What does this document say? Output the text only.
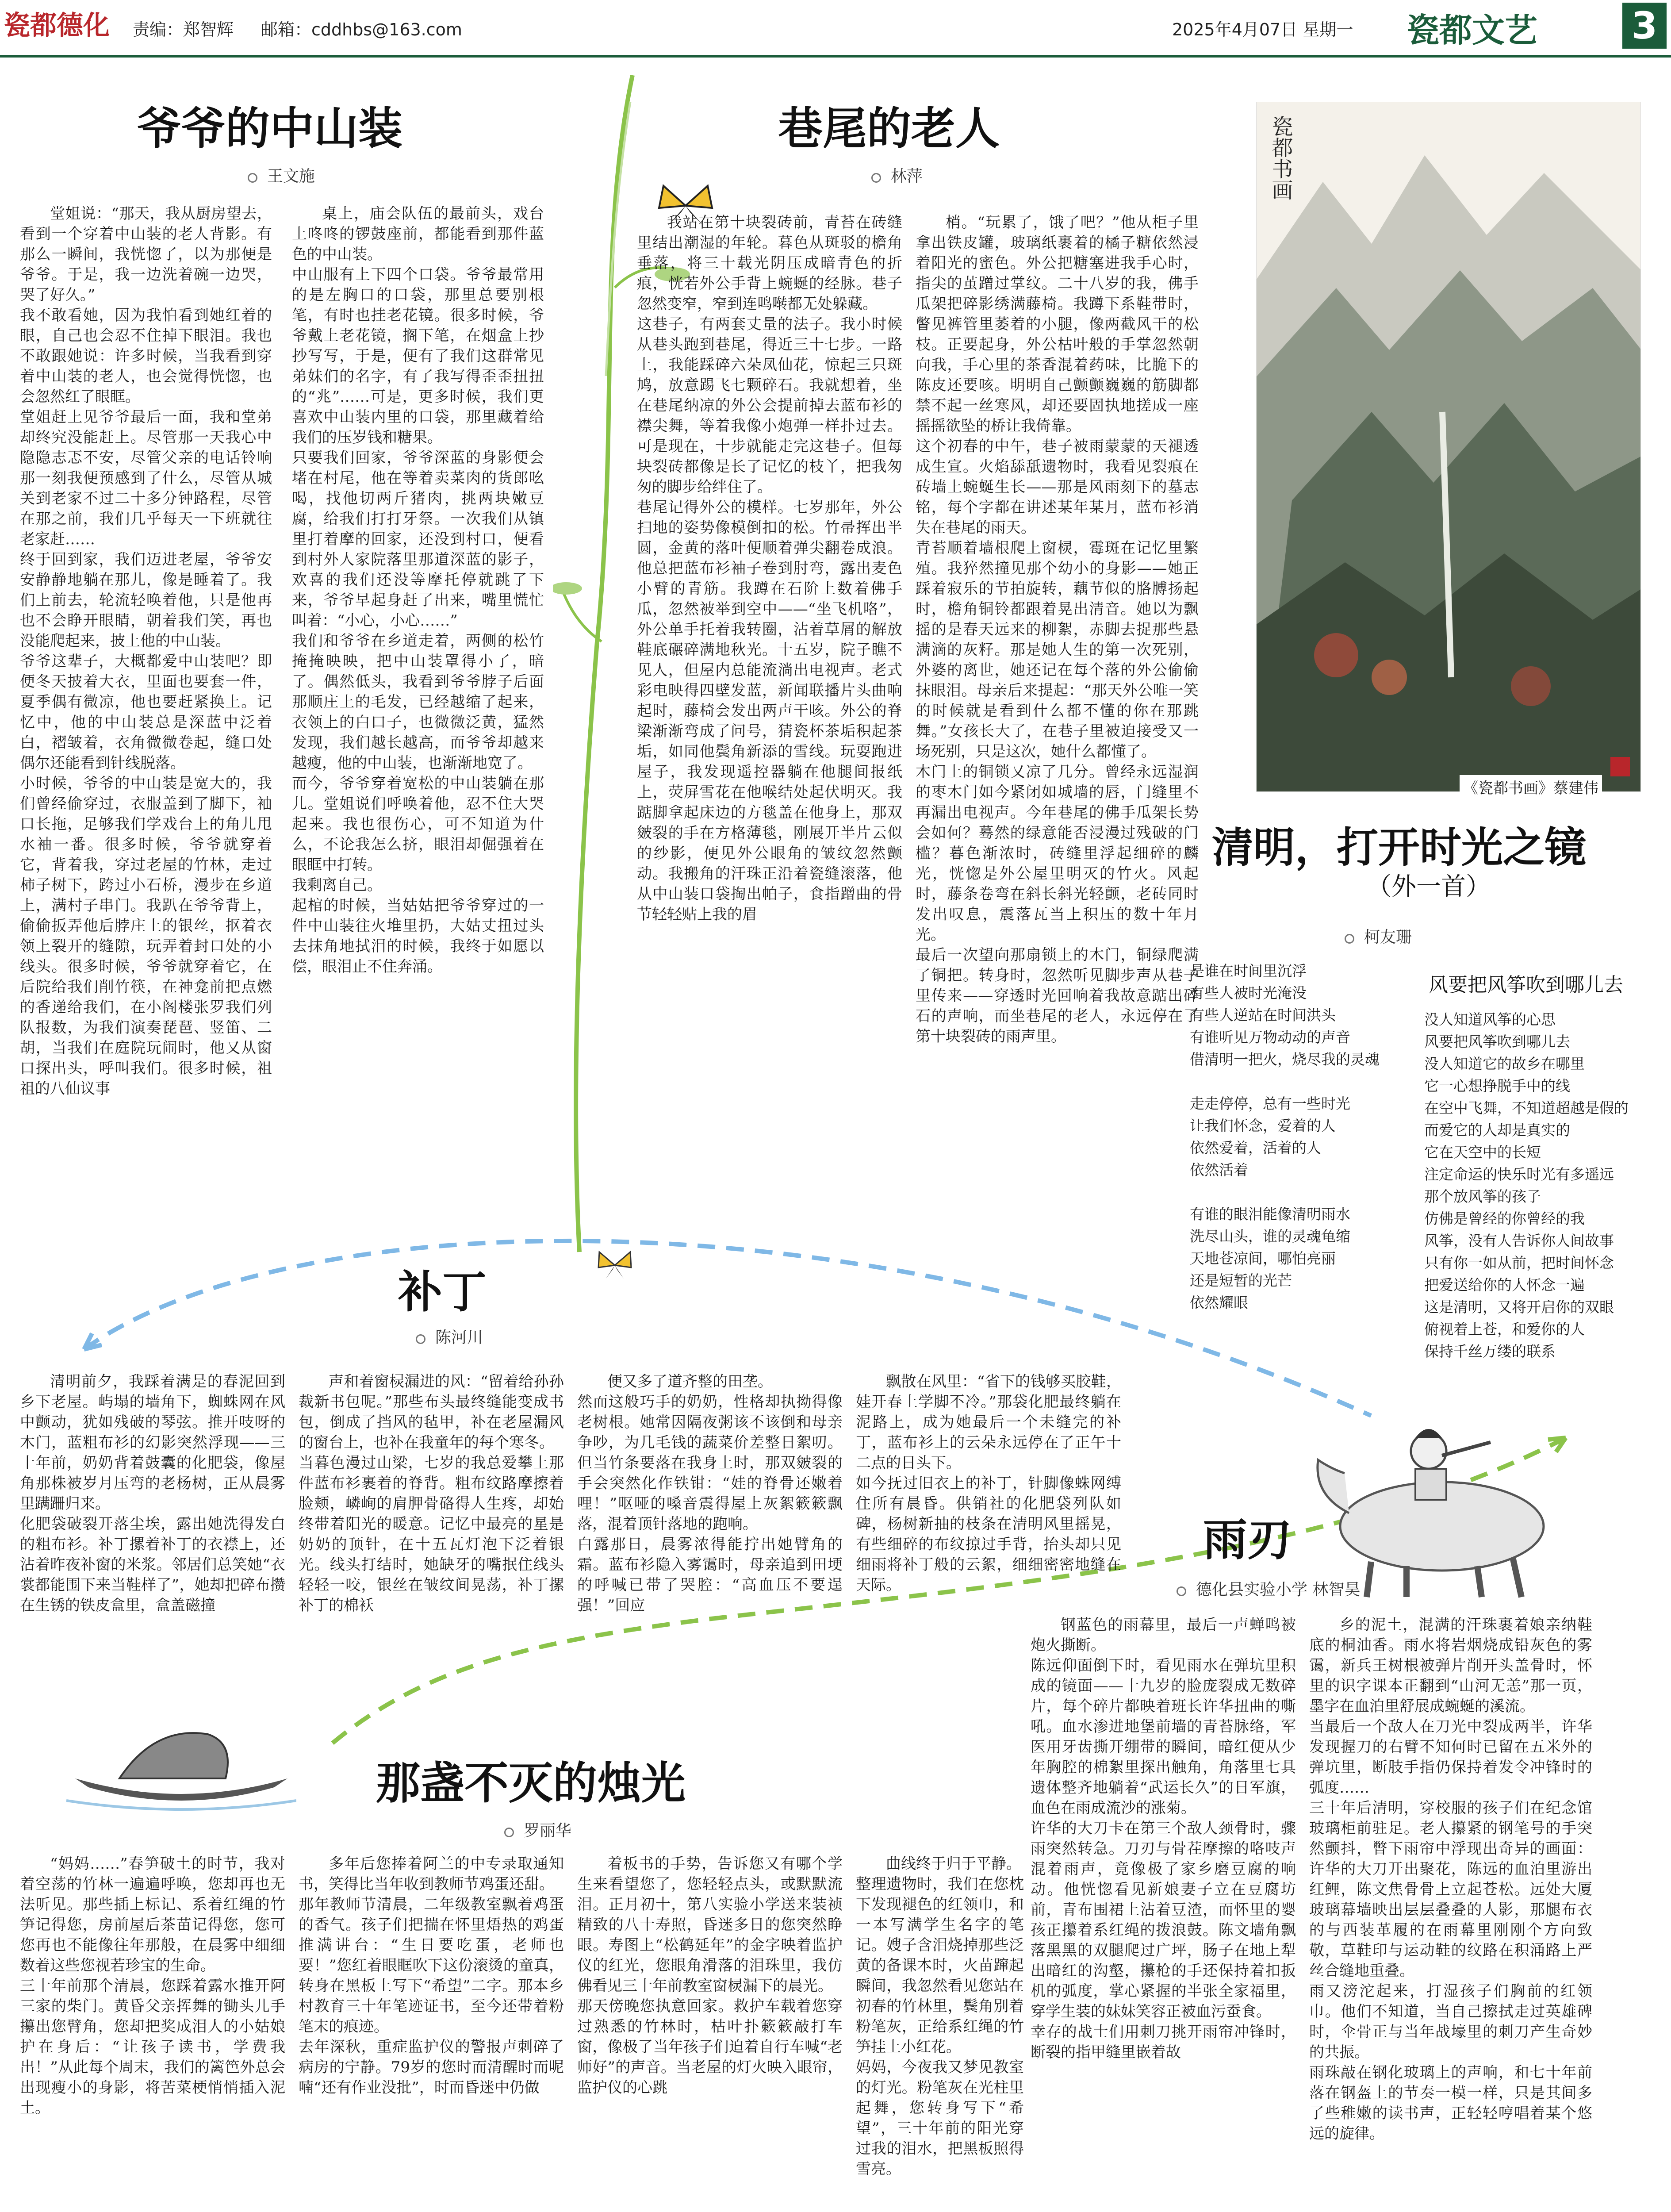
瓷都德化 责编：郑智辉 邮箱：cddhbs@163.com	2025年4月07日 星期一 瓷都文艺	3
爷爷的中山装
王文施
堂姐说：“那天，我从厨房望去，看到一个穿着中山装的老人背影。有那么一瞬间，我恍惚了，以为那便是爷爷。于是，我一边洗着碗一边哭，哭了好久。”
我不敢看她，因为我怕看到她红着的眼，自己也会忍不住掉下眼泪。我也不敢跟她说：许多时候，当我看到穿着中山装的老人，也会觉得恍惚，也会忽然红了眼眶。
堂姐赶上见爷爷最后一面，我和堂弟却终究没能赶上。尽管那一天我心中隐隐志忑不安，尽管父亲的电话铃响那一刻我便预感到了什么，尽管从城关到老家不过二十多分钟路程，尽管在那之前，我们几乎每天一下班就往老家赶……
终于回到家，我们迈进老屋，爷爷安安静静地躺在那儿，像是睡着了。我们上前去，轮流轻唤着他，只是他再也不会睁开眼睛，朝着我们笑，再也没能爬起来，披上他的中山装。
爷爷这辈子，大概都爱中山装吧？即便冬天披着大衣，里面也要套一件，夏季偶有微凉，他也要赶紧换上。记忆中，他的中山装总是深蓝中泛着白，褶皱着，衣角微微卷起，缝口处偶尔还能看到针线脱落。
小时候，爷爷的中山装是宽大的，我们曾经偷穿过，衣服盖到了脚下，袖口长拖，足够我们学戏台上的角儿甩水袖一番。很多时候，爷爷就穿着它，背着我，穿过老屋的竹林，走过柿子树下，跨过小石桥，漫步在乡道上，满村子串门。我趴在爷爷背上，偷偷扳弄他后脖庄上的银丝，抠着衣领上裂开的缝隙，玩弄着封口处的小线头。很多时候，爷爷就穿着它，在后院给我们削竹筷，在神龛前把点燃的香递给我们，在小阁楼张罗我们列队报数，为我们演奏琵琶、竖笛、二胡，当我们在庭院玩闹时，他又从窗口探出头，呼叫我们。很多时候，祖祖的八仙议事
桌上，庙会队伍的最前头，戏台上咚咚的锣鼓座前，都能看到那件蓝色的中山装。
中山服有上下四个口袋。爷爷最常用的是左胸口的口袋，那里总要别根笔，有时也挂老花镜。很多时候，爷爷戴上老花镜，搁下笔，在烟盒上抄抄写写，于是，便有了我们这群常见弟妹们的名字，有了我写得歪歪扭扭的“兆”……可是，更多时候，我们更喜欢中山装内里的口袋，那里藏着给我们的压岁钱和糖果。
只要我们回家，爷爷深蓝的身影便会堵在村尾，他在等着卖菜肉的货郎吆喝，找他切两斤猪肉，挑两块嫩豆腐，给我们打打牙祭。一次我们从镇里打着摩的回家，还没到村口，便看到村外人家院落里那道深蓝的影子，欢喜的我们还没等摩托停就跳了下来，爷爷早起身赶了出来，嘴里慌忙叫着：“小心，小心……”
我们和爷爷在乡道走着，两侧的松竹掩掩映映，把中山装罩得小了，暗了。偶然低头，我看到爷爷脖子后面那顺庄上的毛发，已经越缩了起来，衣领上的白口子，也微微泛黄，猛然发现，我们越长越高，而爷爷却越来越瘦，他的中山装，也渐渐地宽了。
而今，爷爷穿着宽松的中山装躺在那儿。堂姐说们呼唤着他，忍不住大哭起来。我也很伤心，可不知道为什么，不论我怎么挤，眼泪却倔强着在眼眶中打转。
我剩离自己。
起棺的时候，当姑姑把爷爷穿过的一件中山装往火堆里扔，大姑丈扭过头去抹角地拭泪的时候，我终于如愿以偿，眼泪止不住奔涌。
巷尾的老人
林萍
我站在第十块裂砖前，青苔在砖缝里结出潮湿的年轮。暮色从斑驳的檐角垂落，将三十载光阴压成暗青色的折痕，恍若外公手背上蜿蜒的经脉。巷子忽然变窄，窄到连鸣啭都无处躲藏。
这巷子，有两套丈量的法子。我小时候从巷头跑到巷尾，得近三十七步。一路上，我能踩碎六朵凤仙花，惊起三只斑鸠，放意踢飞七颗碎石。我就想着，坐在巷尾纳凉的外公会提前掉去蓝布衫的襟尖舞，等着我像小炮弹一样扑过去。可是现在，十步就能走完这巷子。但每块裂砖都像是长了记忆的枝丫，把我匆匆的脚步给绊住了。
巷尾记得外公的模样。七岁那年，外公扫地的姿势像模倒扣的松。竹帚挥出半圆，金黄的落叶便顺着弹尖翻卷成浪。他总把蓝布衫袖子卷到肘弯，露出麦色小臂的青筋。我蹲在石阶上数着佛手瓜，忽然被举到空中——“坐飞机咯”，外公单手托着我转圈，沾着草屑的解放鞋底碾碎满地秋光。十五岁，院子瞧不见人，但屋内总能流淌出电视声。老式彩电映得四壁发蓝，新闻联播片头曲响起时，藤椅会发出两声干咳。外公的脊梁渐渐弯成了问号，猜瓷杯茶垢积起茶垢，如同他鬓角新添的雪线。玩耍跑进屋子，我发现遥控器躺在他腿间报纸上，荧屏雪花在他喉结处起伏明灭。我踮脚拿起床边的方毯盖在他身上，那双皴裂的手在方格薄毯，刚展开半片云似的纱影，便见外公眼角的皱纹忽然颤动。我搬角的汗珠正沿着瓷缝滚落，他从中山装口袋掏出帕子，食指蹭曲的骨节轻轻贴上我的眉
梢。“玩累了，饿了吧？”他从柜子里拿出铁皮罐，玻璃纸裹着的橘子糖依然浸着阳光的蜜色。外公把糖塞进我手心时，指尖的茧蹭过掌纹。二十八岁的我，佛手瓜架把碎影绣满藤椅。我蹲下系鞋带时，瞥见裤管里萎着的小腿，像两截风干的松枝。正要起身，外公枯叶般的手掌忽然朝向我，手心里的茶香混着药味，比脆下的陈皮还要咳。明明自己颤颤巍巍的筋脚都禁不起一丝寒风，却还要固执地搓成一座摇摇欲坠的桥让我倚靠。
这个初春的中午，巷子被雨蒙蒙的天褪透成生宣。火焰舔舐遗物时，我看见裂痕在砖墙上蜿蜒生长——那是风雨刻下的墓志铭，每个字都在讲述某年某月，蓝布衫消失在巷尾的雨天。
青苔顺着墙根爬上窗棂，霉斑在记忆里繁殖。我猝然撞见那个幼小的身影——她正踩着寂乐的节拍旋转，藕节似的胳膊扬起时，檐角铜铃都跟着晃出清音。她以为飘摇的是春天远来的柳絮，赤脚去捉那些悬满滴的灰籽。那是她人生的第一次死别，外婆的离世，她还记在每个落的外公偷偷抹眼泪。母亲后来提起：“那天外公唯一笑的时候就是看到什么都不懂的你在那跳舞。”女孩长大了，在巷子里被迫接受又一场死别，只是这次，她什么都懂了。
木门上的铜锁又凉了几分。曾经永远湿润的枣木门如今紧闭如城墙的唇，门缝里不再漏出电视声。今年巷尾的佛手瓜架长势会如何？蓦然的绿意能否浸漫过残破的门槛？暮色渐浓时，砖缝里浮起细碎的麟光，恍惚是外公屋里明灭的竹火。风起时，藤条卷弯在斜长斜光轻颤，老砖同时发出叹息，震落瓦当上积压的数十年月光。
最后一次望向那扇锁上的木门，铜绿爬满了铜把。转身时，忽然听见脚步声从巷子里传来——穿透时光回响着我故意踮出碎石的声响，而坐巷尾的老人，永远停在了第十块裂砖的雨声里。
瓷都书画
《瓷都书画》蔡建伟
清明，打开时光之镜
（外一首）
柯友珊
是谁在时间里沉浮
有些人被时光淹没
有些人逆站在时间洪头
有谁听见万物动动的声音
借清明一把火，烧尽我的灵魂
走走停停，总有一些时光
让我们怀念，爱着的人
依然爱着，活着的人
依然活着
有谁的眼泪能像清明雨水
洗尽山头，谁的灵魂龟缩
天地苍凉间，哪怕亮丽
还是短暂的光芒
依然耀眼
风要把风筝吹到哪儿去
没人知道风筝的心思
风要把风筝吹到哪儿去
没人知道它的故乡在哪里
它一心想挣脱手中的线
在空中飞舞，不知道超越是假的
而爱它的人却是真实的
它在天空中的长短
注定命运的快乐时光有多遥远
那个放风筝的孩子
仿佛是曾经的你曾经的我
风筝，没有人告诉你人间故事
只有你一如从前，把时间怀念
把爱送给你的人怀念一遍
这是清明，又将开启你的双眼
俯视着上苍，和爱你的人
保持千丝万缕的联系
补丁
陈河川
清明前夕，我踩着满是的春泥回到乡下老屋。屿塌的墙角下，蜘蛛网在风中颤动，犹如残破的琴弦。推开吱呀的木门，蓝粗布衫的幻影突然浮现——三十年前，奶奶背着鼓囊的化肥袋，像屋角那株被岁月压弯的老杨树，正从晨雾里蹒跚归来。
化肥袋破裂开落尘埃，露出她洗得发白的粗布衫。补丁摞着补丁的衣襟上，还沾着昨夜补窗的米浆。邻居们总笑她“衣裳都能围下来当鞋样了”，她却把碎布攒在生锈的铁皮盒里，盒盖磁撞
声和着窗棂漏进的风：“留着给孙孙裁新书包呢。”那些布头最终缝能变成书包，倒成了挡风的毡甲，补在老屋漏风的窗台上，也补在我童年的每个寒冬。
当暮色漫过山梁，七岁的我总爱攀上那件蓝布衫裹着的脊背。粗布纹路摩擦着脸颊，嶙峋的肩胛骨硌得人生疼，却始终带着阳光的暖意。记忆中最亮的星是奶奶的顶针，在十五瓦灯泡下泛着银光。线头打结时，她缺牙的嘴抿住线头轻轻一咬，银丝在皱纹间晃荡，补丁摞补丁的棉袄
便又多了道齐整的田垄。
然而这般巧手的奶奶，性格却执拗得像老树根。她常因隔夜粥该不该倒和母亲争吵，为几毛钱的蔬菜价差整日絮叨。但当竹条要落在我身上时，那双皴裂的手会突然化作铁钳：“娃的脊骨还嫩着哩！”呕哑的嗓音震得屋上灰絮簌簌飘落，混着顶针落地的跑响。
白露那日，晨雾浓得能拧出她臂角的霜。蓝布衫隐入雾霭时，母亲追到田埂的呼喊已带了哭腔：“高血压不要逞强！”回应
飘散在风里：“省下的钱够买胶鞋，娃开春上学脚不冷。”那袋化肥最终躺在泥路上，成为她最后一个未缝完的补丁，蓝布衫上的云朵永远停在了正午十二点的日头下。
如今抚过旧衣上的补丁，针脚像蛛网缚住所有晨昏。供销社的化肥袋列队如碑，杨树新抽的枝条在清明风里摇晃，有些细碎的布纹掠过手背，抬头却只见细雨将补丁般的云絮，细细密密地缝在天际。
雨刃
德化县实验小学 林智昊
钢蓝色的雨幕里，最后一声蝉鸣被炮火撕断。
陈远仰面倒下时，看见雨水在弹坑里积成的镜面——十九岁的脸庞裂成无数碎片，每个碎片都映着班长许华扭曲的嘶吼。血水渗进地堡前墙的青苔脉络，军医用牙齿撕开绷带的瞬间，暗红便从少年胸腔的棉絮里探出触角，角落里七具遗体整齐地躺着“武运长久”的日军旗，血色在雨成流沙的涨菊。
许华的大刀卡在第三个敌人颈骨时，骤雨突然转急。刀刃与骨茬摩擦的咯吱声混着雨声，竟像极了家乡磨豆腐的响动。他恍惚看见新娘妻子立在豆腐坊前，青布围裙上沾着豆渣，而怀里的婴孩正攥着系红绳的拨浪鼓。陈文墙角飘落黑黑的双腿爬过广坪，肠子在地上犁出暗红的沟壑，攥枪的手还保持着扣扳机的弧度，掌心紧握的半张全家福里，穿学生装的妹妹笑容正被血污蚕食。
幸存的战士们用刺刀挑开雨帘冲锋时，断裂的指甲缝里嵌着故
乡的泥土，混满的汗珠裹着娘亲纳鞋底的桐油香。雨水将岩烟烧成铅灰色的雾霭，新兵王树根被弹片削开头盖骨时，怀里的识字课本正翻到“山河无恙”那一页，墨字在血泊里舒展成蜿蜒的溪流。
当最后一个敌人在刀光中裂成两半，许华发现握刀的右臂不知何时已留在五米外的弹坑里，断肢手指仍保持着发令冲锋时的弧度……
三十年后清明，穿校服的孩子们在纪念馆玻璃柜前驻足。老人攥紧的钢笔号的手突然颤抖，瞥下雨帘中浮现出奇异的画面：许华的大刀开出聚花，陈远的血泊里游出红鲤，陈文焦骨骨上立起苍松。远处大厦玻璃幕墙映出层层叠叠的人影，那腿布衣的与西装革履的在雨幕里刚刚个方向致敬，草鞋印与运动鞋的纹路在积涌路上严丝合缝地重叠。
雨又滂沱起来，打湿孩子们胸前的红领巾。他们不知道，当自己擦拭走过英雄碑时，伞骨正与当年战壕里的刺刀产生奇妙的共振。
雨珠敲在钢化玻璃上的声响，和七十年前落在钢盔上的节奏一模一样，只是其间多了些稚嫩的读书声，正轻轻哼唱着某个悠远的旋律。
那盏不灭的烛光
罗丽华
“妈妈……”春笋破土的时节，我对着空荡的竹林一遍遍呼唤，您却再也无法听见。那些插上标记、系着红绳的竹笋记得您，房前屋后茶苗记得您，您可您再也不能像往年那般，在晨雾中细细数着这些您视若珍宝的生命。
三十年前那个清晨，您踩着露水推开阿三家的柴门。黄昏父亲挥舞的锄头儿手攥出您臂角，您却把奖成泪人的小姑娘护在身后：“让孩子读书，学费我出！”从此每个周末，我们的篱笆外总会出现瘦小的身影，将苦菜梗悄悄插入泥土。
多年后您捧着阿兰的中专录取通知书，笑得比当年收到教师节鸡蛋还甜。
那年教师节清晨，二年级教室飘着鸡蛋的香气。孩子们把揣在怀里焐热的鸡蛋推满讲台：“生日要吃蛋，老师也要！”您红着眼眶吹下这份滚烫的童真，转身在黑板上写下“希望”二字。那本乡村教育三十年笔迹证书，至今还带着粉笔末的痕迹。
去年深秋，重症监护仪的警报声刺碎了病房的宁静。79岁的您时而清醒时而呢喃“还有作业没批”，时而昏迷中仍做
着板书的手势，告诉您又有哪个学生来看望您了，您轻轻点头，或默默流泪。正月初十，第八实验小学送来装祯精致的八十寿照，昏迷多日的您突然睁眼。寿图上“松鹤延年”的金字映着监护仪的红光，您眼角滑落的泪珠里，我仿佛看见三十年前教室窗棂漏下的晨光。
那天傍晚您执意回家。救护车载着您穿过熟悉的竹林时，枯叶扑簌簌敲打车窗，像极了当年孩子们迫着自行车喊“老师好”的声音。当老屋的灯火映入眼帘，监护仪的心跳
曲线终于归于平静。
整理遗物时，我们在您枕下发现褪色的红领巾，和一本写满学生名字的笔记。嫂子含泪烧掉那些泛黄的备课本时，火苗蹿起瞬间，我忽然看见您站在初春的竹林里，鬓角别着粉笔灰，正给系红绳的竹笋挂上小红花。
妈妈，今夜我又梦见教室的灯光。粉笔灰在光柱里起舞，您转身写下“希望”，三十年前的阳光穿过我的泪水，把黑板照得雪亮。
